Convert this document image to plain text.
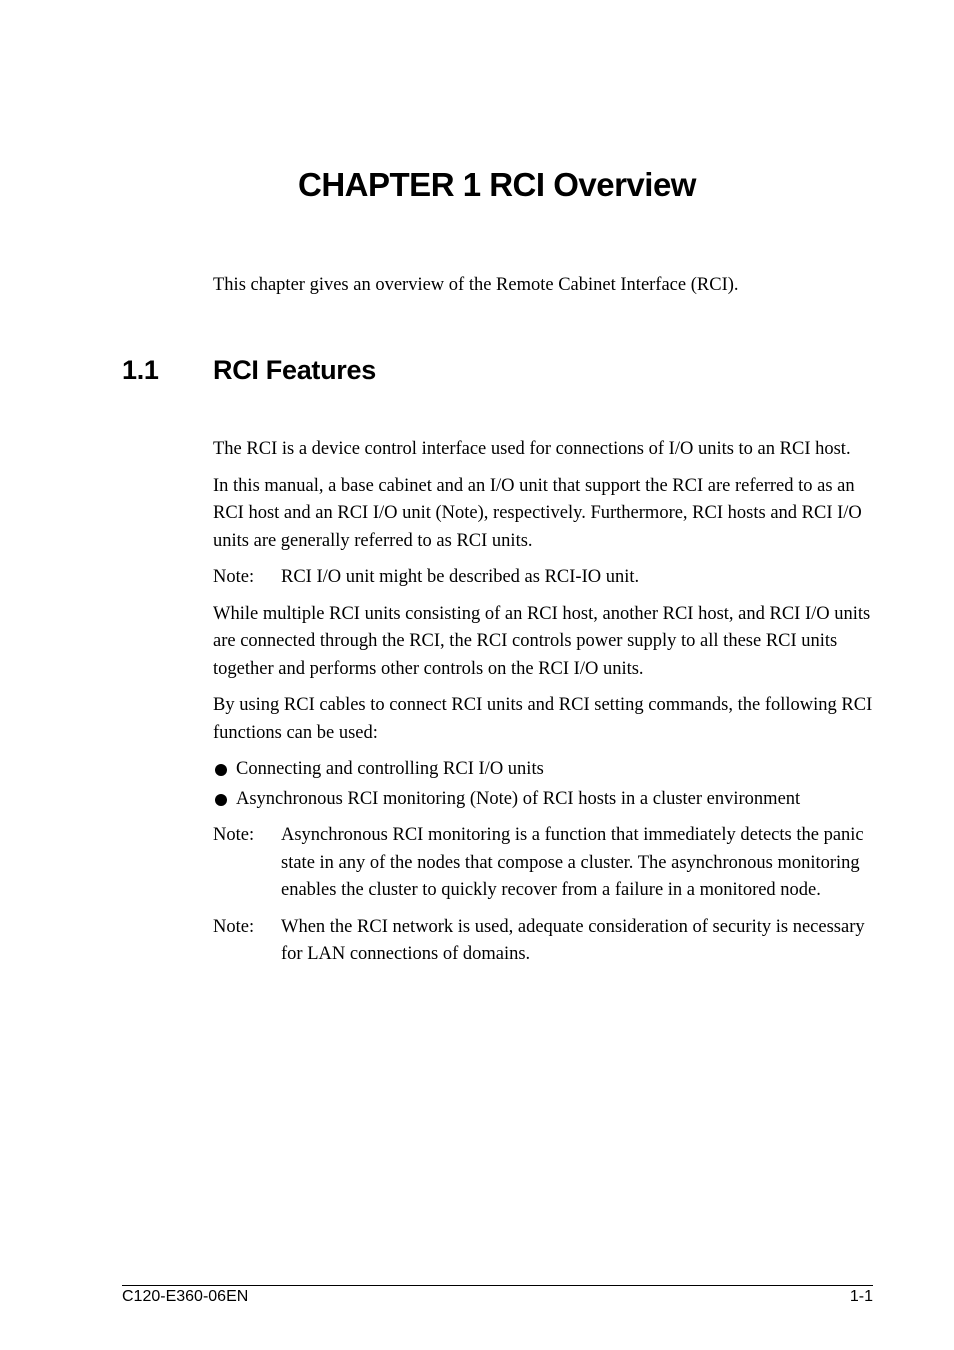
CHAPTER 1 RCI Overview

This chapter gives an overview of the Remote Cabinet Interface (RCI).

1.1 RCI Features

The RCI is a device control interface used for connections of I/O units to an RCI host.

In this manual, a base cabinet and an I/O unit that support the RCI are referred to as an RCI host and an RCI I/O unit (Note), respectively. Furthermore, RCI hosts and RCI I/O units are generally referred to as RCI units.

Note:	RCI I/O unit might be described as RCI-IO unit.

While multiple RCI units consisting of an RCI host, another RCI host, and RCI I/O units are connected through the RCI, the RCI controls power supply to all these RCI units together and performs other controls on the RCI I/O units.

By using RCI cables to connect RCI units and RCI setting commands, the following RCI functions can be used:

Connecting and controlling RCI I/O units
Asynchronous RCI monitoring (Note) of RCI hosts in a cluster environment
Note:	Asynchronous RCI monitoring is a function that immediately detects the panic state in any of the nodes that compose a cluster. The asynchronous monitoring enables the cluster to quickly recover from a failure in a monitored node.
Note:	When the RCI network is used, adequate consideration of security is necessary for LAN connections of domains.
C120-E360-06EN	1-1
